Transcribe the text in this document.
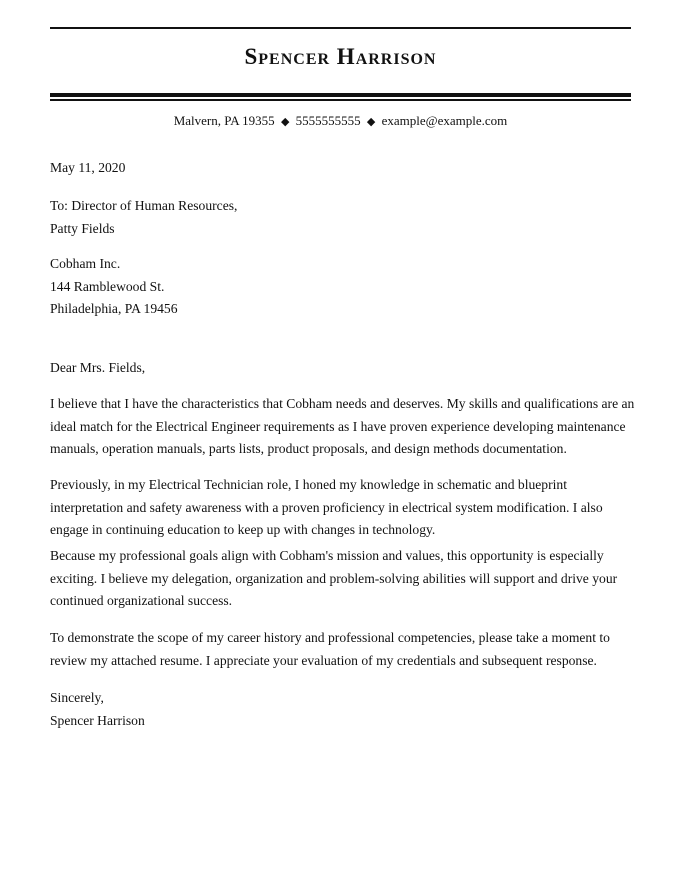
Spencer Harrison
Malvern, PA 19355 ◆ 5555555555 ◆ example@example.com
May 11, 2020
To: Director of Human Resources,
Patty Fields
Cobham Inc.
144 Ramblewood St.
Philadelphia, PA 19456
Dear Mrs. Fields,
I believe that I have the characteristics that Cobham needs and deserves. My skills and qualifications are an
ideal match for the Electrical Engineer requirements as I have proven experience developing maintenance
manuals, operation manuals, parts lists, product proposals, and design methods documentation.
Previously, in my Electrical Technician role, I honed my knowledge in schematic and blueprint
interpretation and safety awareness with a proven proficiency in electrical system modification. I also
engage in continuing education to keep up with changes in technology.
Because my professional goals align with Cobham's mission and values, this opportunity is especially
exciting. I believe my delegation, organization and problem-solving abilities will support and drive your
continued organizational success.
To demonstrate the scope of my career history and professional competencies, please take a moment to
review my attached resume. I appreciate your evaluation of my credentials and subsequent response.
Sincerely,
Spencer Harrison
